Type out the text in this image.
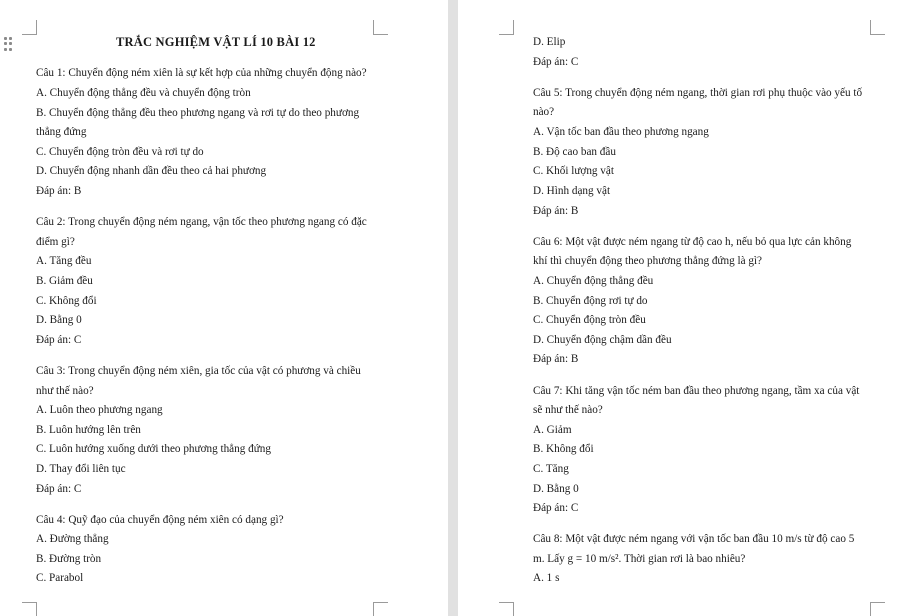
TRẮC NGHIỆM VẬT LÍ 10 BÀI 12
Câu 1: Chuyển động ném xiên là sự kết hợp của những chuyển động nào?
A. Chuyển động thẳng đều và chuyển động tròn
B. Chuyển động thẳng đều theo phương ngang và rơi tự do theo phương
thẳng đứng
C. Chuyển động tròn đều và rơi tự do
D. Chuyển động nhanh dần đều theo cả hai phương
Đáp án: B
Câu 2: Trong chuyển động ném ngang, vận tốc theo phương ngang có đặc
điểm gì?
A. Tăng đều
B. Giảm đều
C. Không đổi
D. Bằng 0
Đáp án: C
Câu 3: Trong chuyển động ném xiên, gia tốc của vật có phương và chiều
như thế nào?
A. Luôn theo phương ngang
B. Luôn hướng lên trên
C. Luôn hướng xuống dưới theo phương thẳng đứng
D. Thay đổi liên tục
Đáp án: C
Câu 4: Quỹ đạo của chuyển động ném xiên có dạng gì?
A. Đường thẳng
B. Đường tròn
C. Parabol
D. Elip
Đáp án: C
Câu 5: Trong chuyển động ném ngang, thời gian rơi phụ thuộc vào yếu tố
nào?
A. Vận tốc ban đầu theo phương ngang
B. Độ cao ban đầu
C. Khối lượng vật
D. Hình dạng vật
Đáp án: B
Câu 6: Một vật được ném ngang từ độ cao h, nếu bỏ qua lực cản không
khí thì chuyển động theo phương thẳng đứng là gì?
A. Chuyển động thẳng đều
B. Chuyển động rơi tự do
C. Chuyển động tròn đều
D. Chuyển động chậm dần đều
Đáp án: B
Câu 7: Khi tăng vận tốc ném ban đầu theo phương ngang, tầm xa của vật
sẽ như thế nào?
A. Giảm
B. Không đổi
C. Tăng
D. Bằng 0
Đáp án: C
Câu 8: Một vật được ném ngang với vận tốc ban đầu 10 m/s từ độ cao 5
m. Lấy g = 10 m/s². Thời gian rơi là bao nhiêu?
A. 1 s
